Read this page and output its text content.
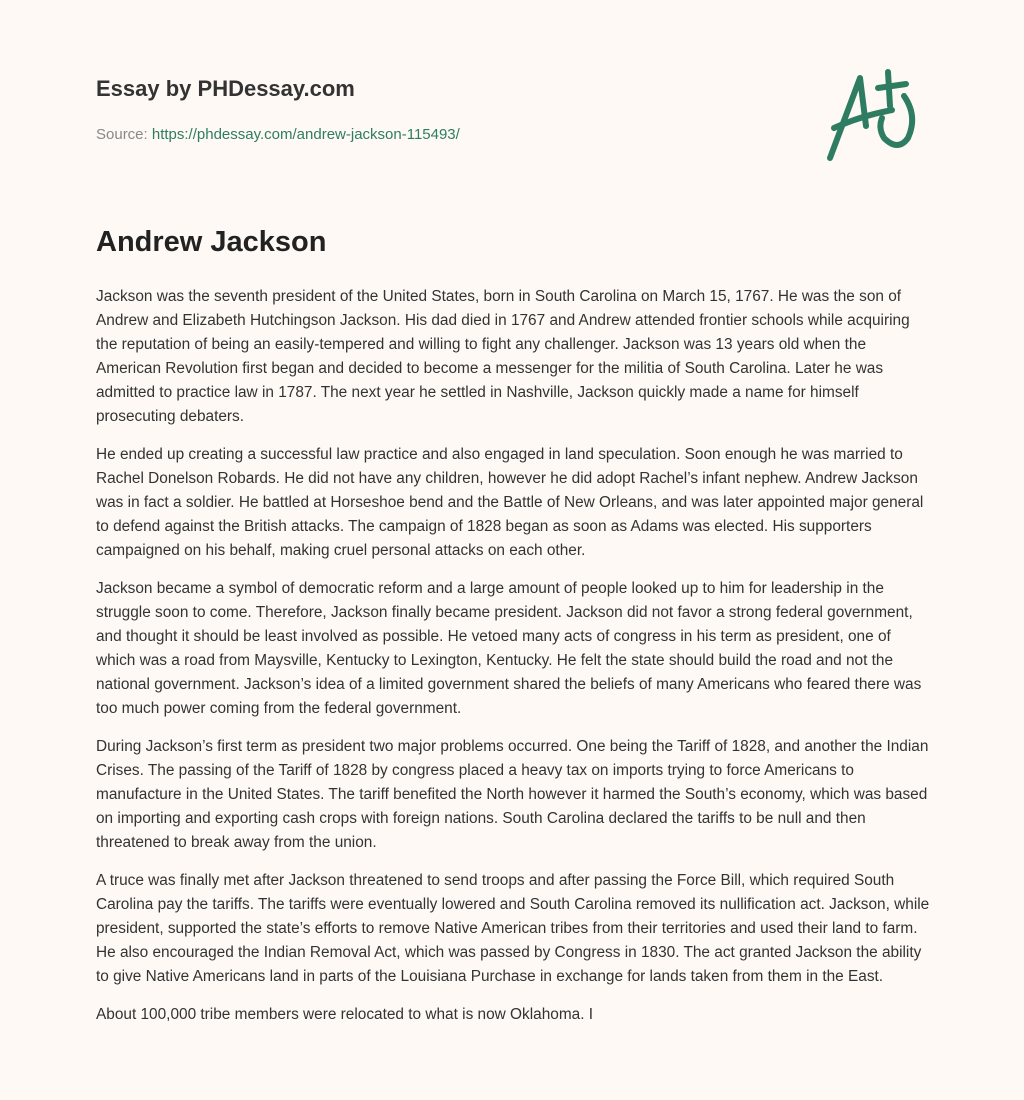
Essay by PHDessay.com
Source: https://phdessay.com/andrew-jackson-115493/
Andrew Jackson

Jackson was the seventh president of the United States, born in South Carolina on March 15, 1767. He was the son of Andrew and Elizabeth Hutchingson Jackson. His dad died in 1767 and Andrew attended frontier schools while acquiring the reputation of being an easily-tempered and willing to fight any challenger. Jackson was 13 years old when the American Revolution first began and decided to become a messenger for the militia of South Carolina. Later he was admitted to practice law in 1787. The next year he settled in Nashville, Jackson quickly made a name for himself prosecuting debaters.

He ended up creating a successful law practice and also engaged in land speculation. Soon enough he was married to Rachel Donelson Robards. He did not have any children, however he did adopt Rachel’s infant nephew. Andrew Jackson was in fact a soldier. He battled at Horseshoe bend and the Battle of New Orleans, and was later appointed major general to defend against the British attacks. The campaign of 1828 began as soon as Adams was elected. His supporters campaigned on his behalf, making cruel personal attacks on each other.

Jackson became a symbol of democratic reform and a large amount of people looked up to him for leadership in the struggle soon to come. Therefore, Jackson finally became president. Jackson did not favor a strong federal government, and thought it should be least involved as possible. He vetoed many acts of congress in his term as president, one of which was a road from Maysville, Kentucky to Lexington, Kentucky. He felt the state should build the road and not the national government. Jackson’s idea of a limited government shared the beliefs of many Americans who feared there was too much power coming from the federal government.

During Jackson’s first term as president two major problems occurred. One being the Tariff of 1828, and another the Indian Crises. The passing of the Tariff of 1828 by congress placed a heavy tax on imports trying to force Americans to manufacture in the United States. The tariff benefited the North however it harmed the South’s economy, which was based on importing and exporting cash crops with foreign nations. South Carolina declared the tariffs to be null and then threatened to break away from the union.

A truce was finally met after Jackson threatened to send troops and after passing the Force Bill, which required South Carolina pay the tariffs. The tariffs were eventually lowered and South Carolina removed its nullification act. Jackson, while president, supported the state’s efforts to remove Native American tribes from their territories and used their land to farm. He also encouraged the Indian Removal Act, which was passed by Congress in 1830. The act granted Jackson the ability to give Native Americans land in parts of the Louisiana Purchase in exchange for lands taken from them in the East.

About 100,000 tribe members were relocated to what is now Oklahoma. I
